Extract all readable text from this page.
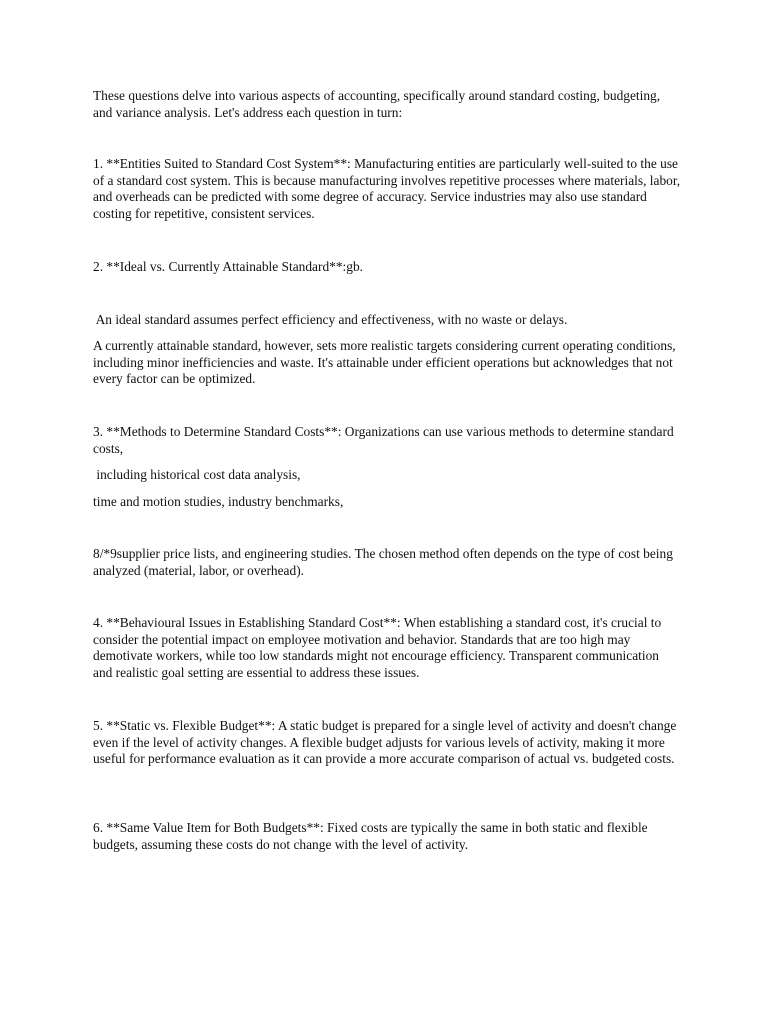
These questions delve into various aspects of accounting, specifically around standard costing, budgeting, and variance analysis. Let's address each question in turn:

1. **Entities Suited to Standard Cost System**: Manufacturing entities are particularly well-suited to the use of a standard cost system. This is because manufacturing involves repetitive processes where materials, labor, and overheads can be predicted with some degree of accuracy. Service industries may also use standard costing for repetitive, consistent services.

2. **Ideal vs. Currently Attainable Standard**:gb.

An ideal standard assumes perfect efficiency and effectiveness, with no waste or delays.

A currently attainable standard, however, sets more realistic targets considering current operating conditions, including minor inefficiencies and waste. It's attainable under efficient operations but acknowledges that not every factor can be optimized.

3. **Methods to Determine Standard Costs**: Organizations can use various methods to determine standard costs,

including historical cost data analysis,

time and motion studies, industry benchmarks,

8/*9supplier price lists, and engineering studies. The chosen method often depends on the type of cost being analyzed (material, labor, or overhead).

4. **Behavioural Issues in Establishing Standard Cost**: When establishing a standard cost, it's crucial to consider the potential impact on employee motivation and behavior. Standards that are too high may demotivate workers, while too low standards might not encourage efficiency. Transparent communication and realistic goal setting are essential to address these issues.

5. **Static vs. Flexible Budget**: A static budget is prepared for a single level of activity and doesn't change even if the level of activity changes. A flexible budget adjusts for various levels of activity, making it more useful for performance evaluation as it can provide a more accurate comparison of actual vs. budgeted costs.

6. **Same Value Item for Both Budgets**: Fixed costs are typically the same in both static and flexible budgets, assuming these costs do not change with the level of activity.
